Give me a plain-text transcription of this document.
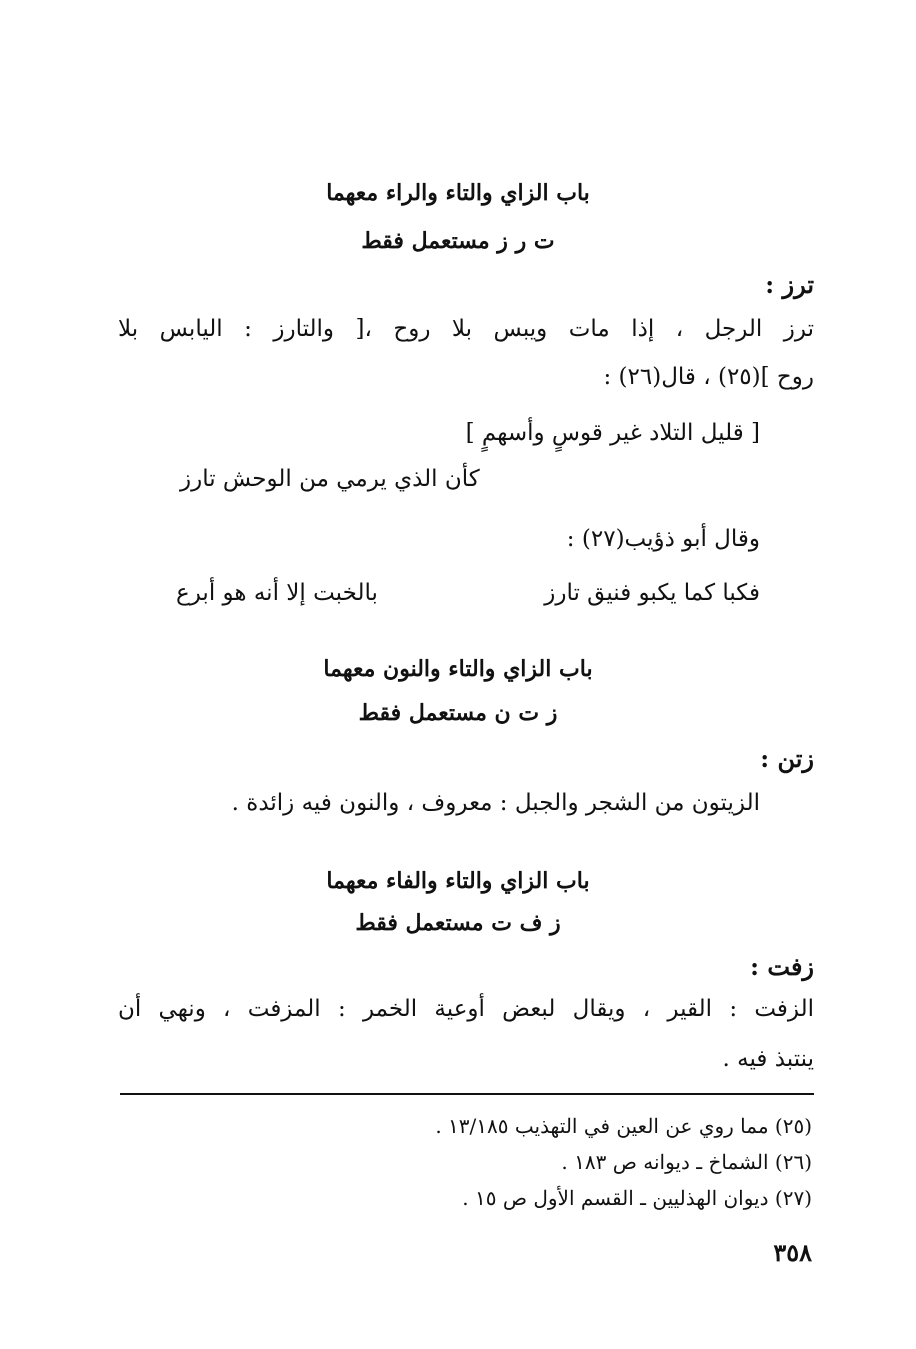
باب الزاي والتاء والراء معهما
ت ر ز مستعمل فقط
ترز :
ترز الرجل ، إذا مات ويبس بلا روح ،[ والتارز : اليابس بلا
روح ](٢٥) ، قال(٢٦) :
[ قليل التلاد غير قوسٍ وأسهمٍ ]
كأن الذي يرمي من الوحش تارز
وقال أبو ذؤيب(٢٧) :
فكبا كما يكبو فنيق تارز
بالخبت إلا أنه هو أبرع
باب الزاي والتاء والنون معهما
ز ت ن مستعمل فقط
زتن :
الزيتون من الشجر والجبل : معروف ، والنون فيه زائدة .
باب الزاي والتاء والفاء معهما
ز ف ت مستعمل فقط
زفت :
الزفت : القير ، ويقال لبعض أوعية الخمر : المزفت ، ونهي أن
ينتبذ فيه .
(٢٥) مما روي عن العين في التهذيب ١٣/١٨٥ .
(٢٦) الشماخ ـ ديوانه ص ١٨٣ .
(٢٧) ديوان الهذليين ـ القسم الأول ص ١٥ .
٣٥٨
